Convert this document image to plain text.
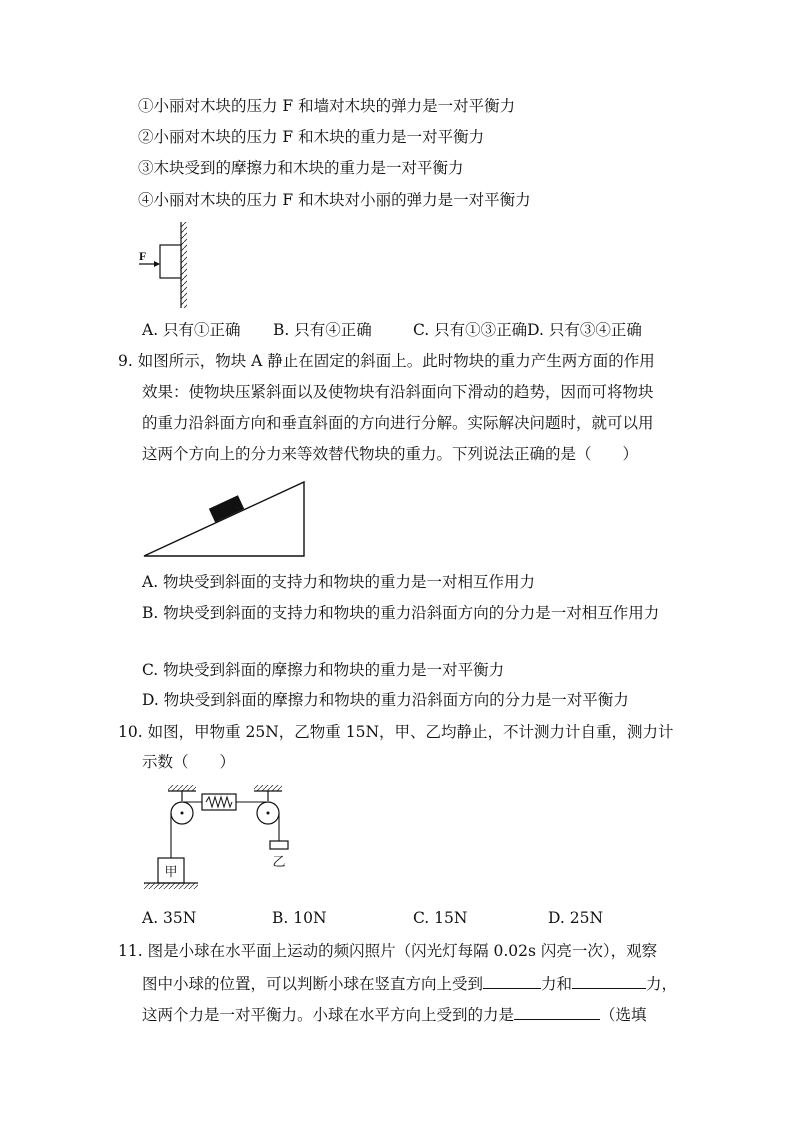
①小丽对木块的压力 F 和墙对木块的弹力是一对平衡力
②小丽对木块的压力 F 和木块的重力是一对平衡力
③木块受到的摩擦力和木块的重力是一对平衡力
④小丽对木块的压力 F 和木块对小丽的弹力是一对平衡力
F
A. 只有①正确 B. 只有④正确	C. 只有①③正确D. 只有③④正确
9. 如图所示，物块 A 静止在固定的斜面上。此时物块的重力产生两方面的作用
效果：使物块压紧斜面以及使物块有沿斜面向下滑动的趋势，因而可将物块
的重力沿斜面方向和垂直斜面的方向进行分解。实际解决问题时，就可以用
这两个方向上的分力来等效替代物块的重力。下列说法正确的是（　　）
A. 物块受到斜面的支持力和物块的重力是一对相互作用力
B. 物块受到斜面的支持力和物块的重力沿斜面方向的分力是一对相互作用力
C. 物块受到斜面的摩擦力和物块的重力是一对平衡力
D. 物块受到斜面的摩擦力和物块的重力沿斜面方向的分力是一对平衡力
10. 如图，甲物重 25N，乙物重 15N，甲、乙均静止，不计测力计自重，测力计
示数（　　）
甲
乙
A. 35N	B. 10N	C. 15N	D. 25N
11. 图是小球在水平面上运动的频闪照片（闪光灯每隔 0.02s 闪亮一次），观察
图中小球的位置，可以判断小球在竖直方向上受到	力和	力，
这两个力是一对平衡力。小球在水平方向上受到的力是	（选填
